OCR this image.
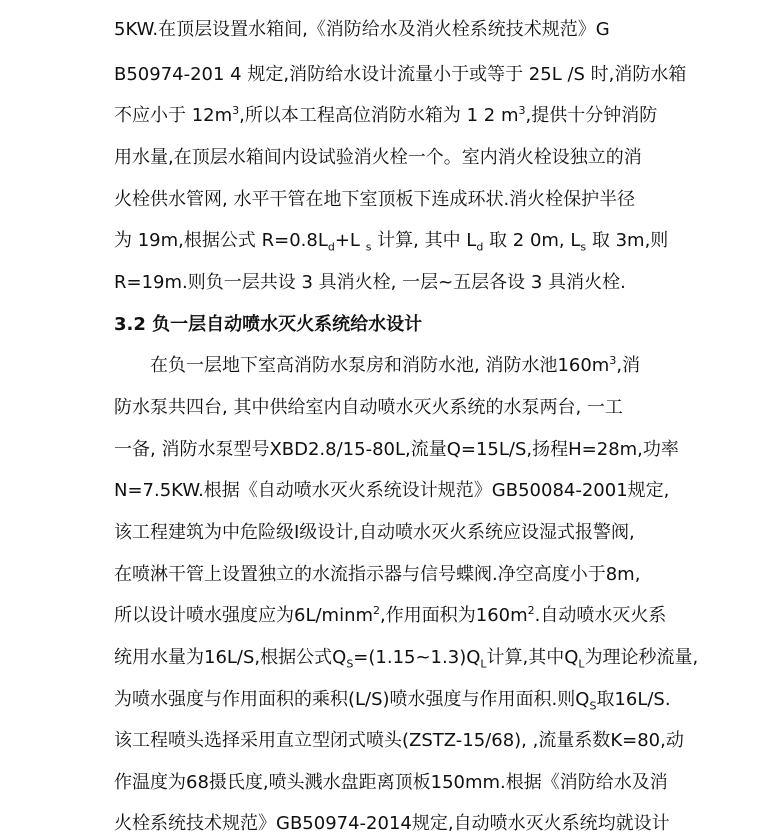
5KW.在顶层设置水箱间,《消防给水及消火栓系统技术规范》G
B50974-201 4 规定,消防给水设计流量小于或等于 25L /S 时,消防水箱
不应小于 $12m^3$,所以本工程高位消防水箱为 1 2 $m^3$,提供十分钟消防
用水量,在顶层水箱间内设试验消火栓一个。室内消火栓设独立的消
火栓供水管网, 水平干管在地下室顶板下连成环状.消火栓保护半径
为 19m,根据公式 $R=0.8L_d+L$ $_s$ 计算, 其中 $L_d$ 取 2 0m, $L_s$ 取 3m,则
R=19m.则负一层共设 3 具消火栓, 一层~五层各设 3 具消火栓.
3.2 负一层自动喷水灭火系统给水设计
在负一层地下室高消防水泵房和消防水池, 消防水池$160m^3$,消
防水泵共四台, 其中供给室内自动喷水灭火系统的水泵两台, 一工
一备, 消防水泵型号XBD2.8/15-80L,流量Q=15L/S,扬程H=28m,功率
N=7.5KW.根据《自动喷水灭火系统设计规范》GB50084-2001规定,
该工程建筑为中危险级I级设计,自动喷水灭火系统应设湿式报警阀,
在喷淋干管上设置独立的水流指示器与信号蝶阀.净空高度小于8m,
所以设计喷水强度应为6L/minm$^2$,作用面积为$160m^2$.自动喷水灭火系
统用水量为16L/S,根据公式$Q_S=(1.15\sim 1.3)Q_L$计算,其中$Q_L$为理论秒流量,
为喷水强度与作用面积的乘积(L/S)喷水强度与作用面积.则$Q_S$取16L/S.
该工程喷头选择采用直立型闭式喷头(ZSTZ-15/68), ,流量系数K=80,动
作温度为68摄氏度,喷头溅水盘距离顶板150mm.根据《消防给水及消
火栓系统技术规范》GB50974-2014规定,自动喷水灭火系统均就设计
